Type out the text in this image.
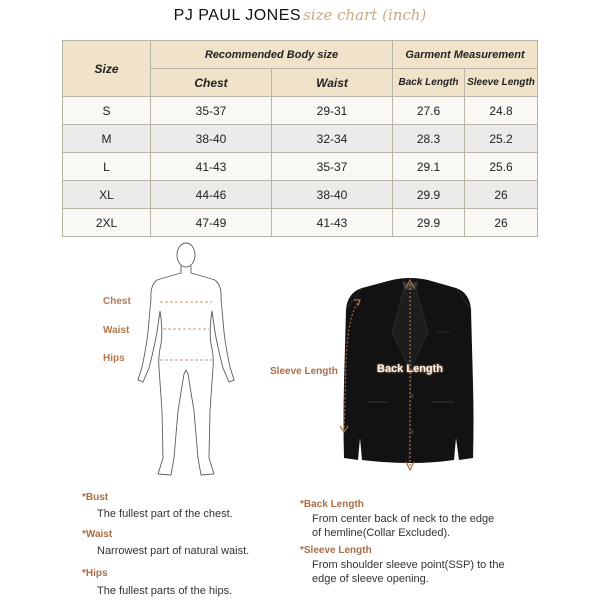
PJ PAUL JONES size chart (inch)
Size	Recommended Body size		Garment Measurement	
	Chest	Waist	Back Length	Sleeve Length
S	35-37	29-31	27.6	24.8
M	38-40	32-34	28.3	25.2
L	41-43	35-37	29.1	25.6
XL	44-46	38-40	29.9	26
2XL	47-49	41-43	29.9	26
Chest
Waist
Hips
Sleeve Length	Back Length
*Bust
The fullest part of the chest.
*Waist
Narrowest part of natural waist.
*Hips
The fullest parts of the hips.
*Back Length
From center back of neck to the edge
of hemline(Collar Excluded).
*Sleeve Length
From shoulder sleeve point(SSP) to the
edge of sleeve opening.
